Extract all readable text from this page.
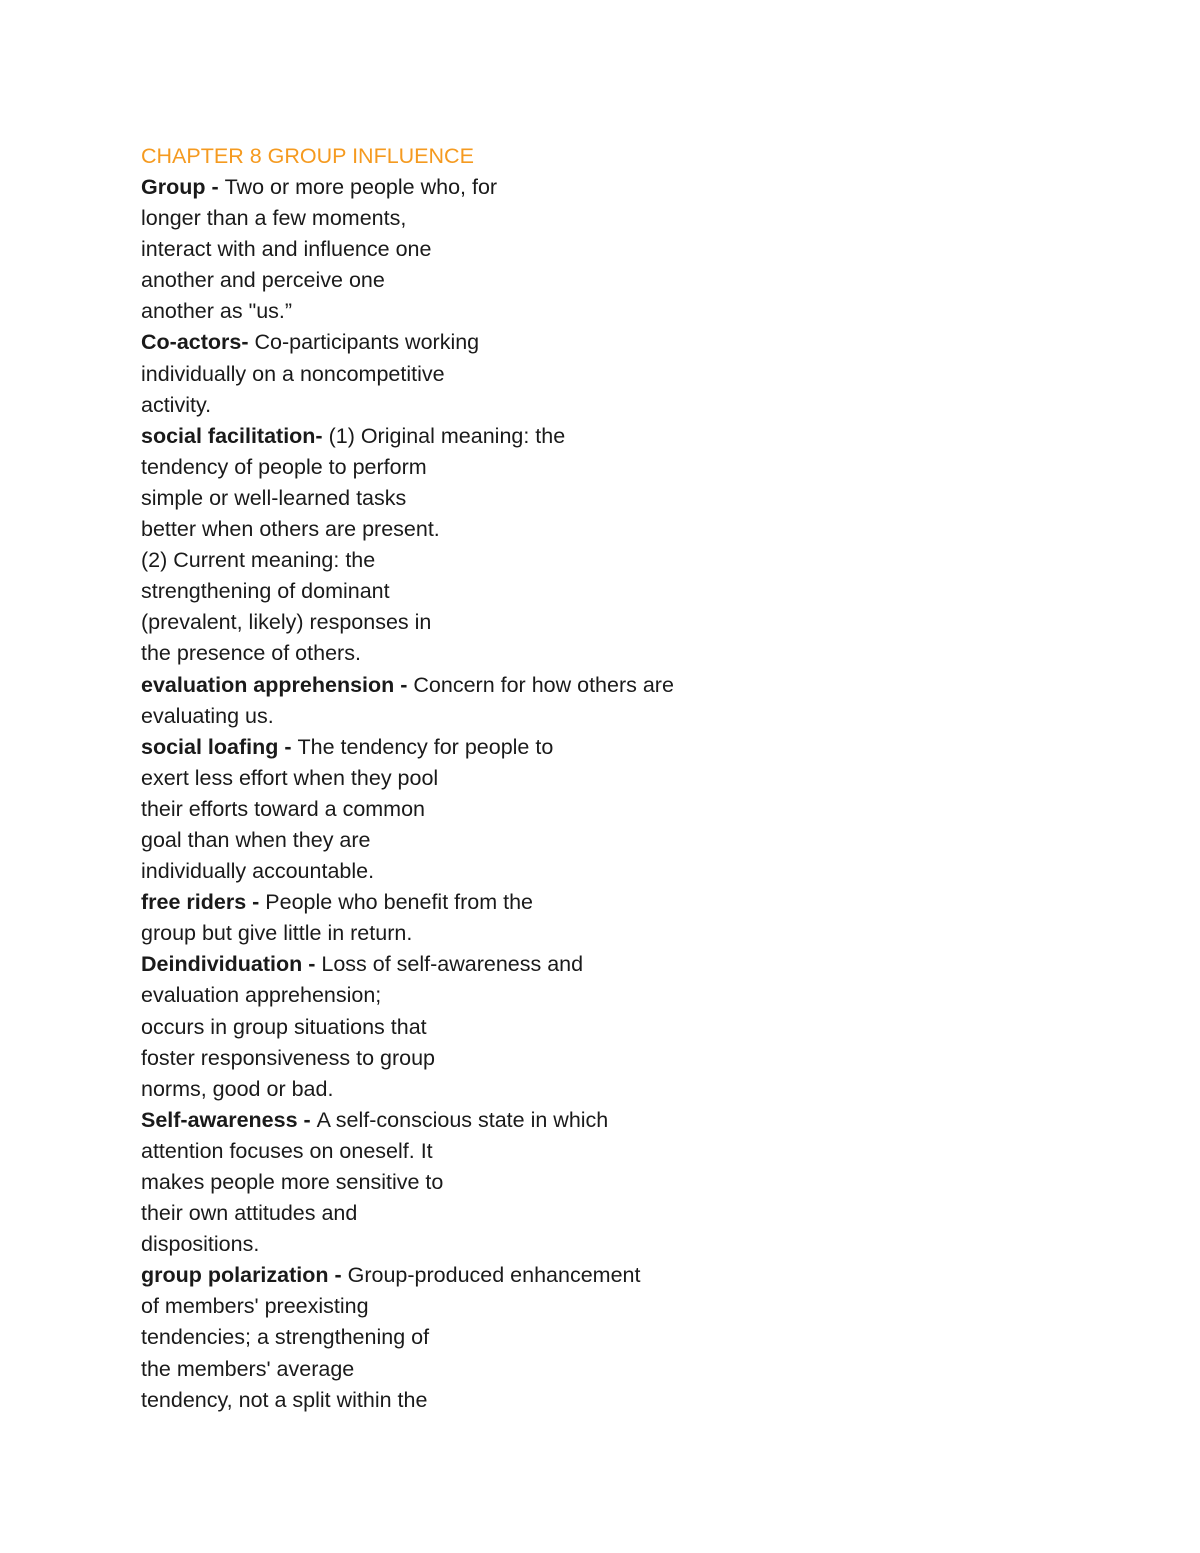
CHAPTER 8 GROUP INFLUENCE
Group - Two or more people who, for
longer than a few moments,
interact with and influence one
another and perceive one
another as "us.”
Co-actors- Co-participants working
individually on a noncompetitive
activity.
social facilitation- (1) Original meaning: the
tendency of people to perform
simple or well-learned tasks
better when others are present.
(2) Current meaning: the
strengthening of dominant
(prevalent, likely) responses in
the presence of others.
evaluation apprehension - Concern for how others are
evaluating us.
social loafing - The tendency for people to
exert less effort when they pool
their efforts toward a common
goal than when they are
individually accountable.
free riders - People who benefit from the
group but give little in return.
Deindividuation - Loss of self-awareness and
evaluation apprehension;
occurs in group situations that
foster responsiveness to group
norms, good or bad.
Self-awareness - A self-conscious state in which
attention focuses on oneself. It
makes people more sensitive to
their own attitudes and
dispositions.
group polarization - Group-produced enhancement
of members' preexisting
tendencies; a strengthening of
the members' average
tendency, not a split within the
